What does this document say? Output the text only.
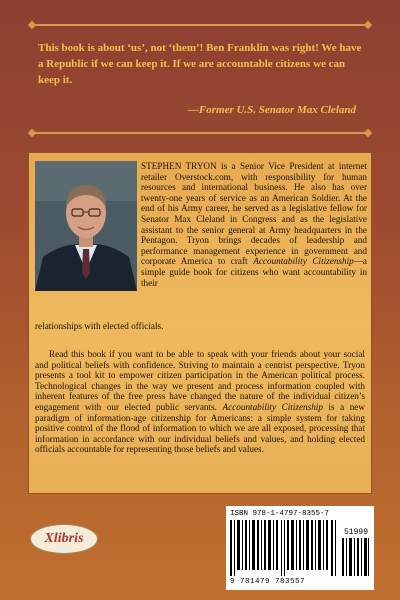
This book is about ‘us’, not ‘them’! Ben Franklin was right! We have a Republic if we can keep it. If we are accountable citizens we can keep it.
—Former U.S. Senator Max Cleland

STEPHEN TRYON is a Senior Vice President at internet retailer Overstock.com, with responsibility for human resources and international business. He also has over twenty-one years of service as an American Soldier. At the end of his Army career, he served as a legislative fellow for Senator Max Cleland in Congress and as the legislative assistant to the senior general at Army headquarters in the Pentagon. Tryon brings decades of leadership and performance management experience in government and corporate America to craft Accountability Citizenship—a simple guide book for citizens who want accountability in their

relationships with elected officials.

Read this book if you want to be able to speak with your friends about your social and political beliefs with confidence. Striving to maintain a centrist perspective. Tryon presents a tool kit to empower citizen participation in the American political process. Technological changes in the way we present and process information coupled with inherent features of the free press have changed the nature of the individual citizen’s engagement with our elected public servants. Accountability Citizenship is a new paradigm of information-age citizenship for Americans: a simple system for taking positive control of the flood of information to which we are all exposed, processing that information in accordance with our individual beliefs and values, and holding elected officials accountable for representing those beliefs and values.

Xlibris
ISBN 978-1-4797-8355-7
51999
9 781479 783557
